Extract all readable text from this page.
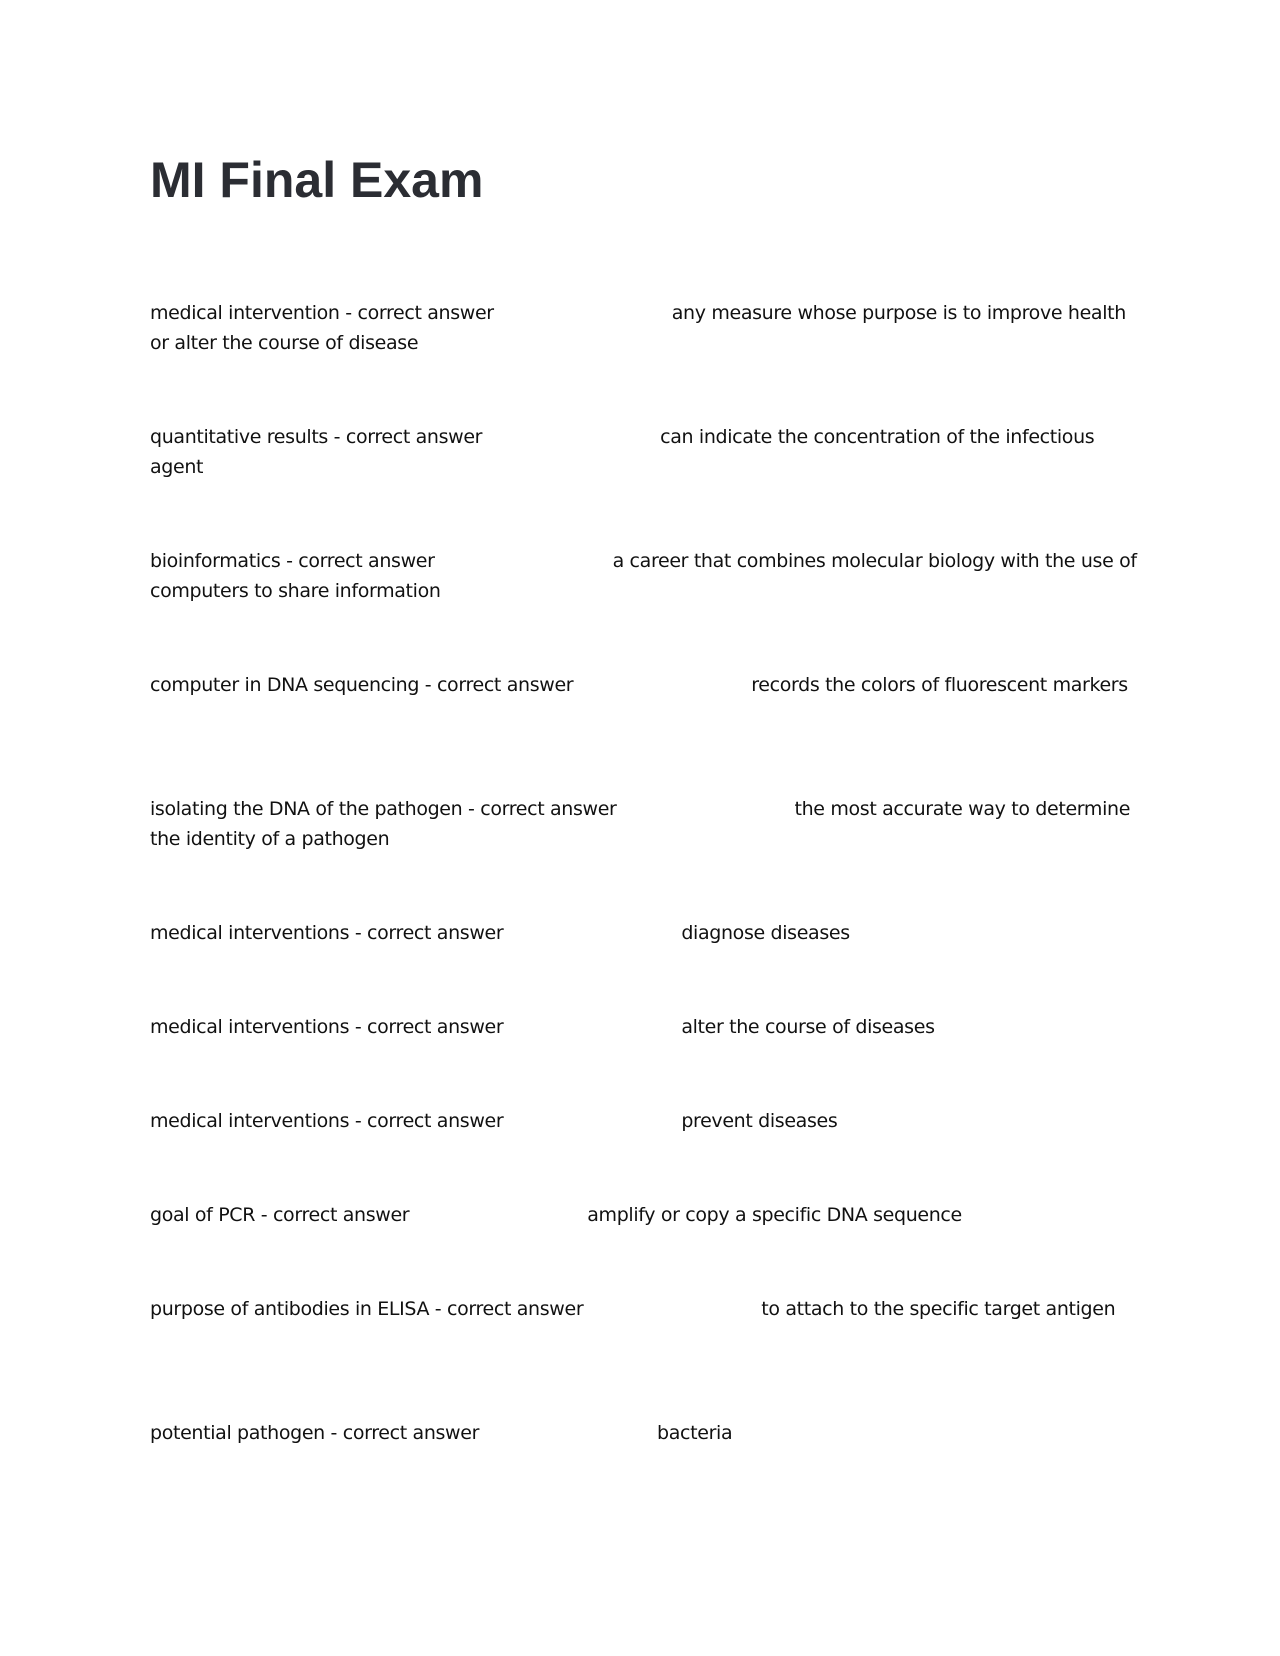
MI Final Exam
medical intervention - correct answer	any measure whose purpose is to improve health or alter the course of disease
quantitative results - correct answer	can indicate the concentration of the infectious agent
bioinformatics - correct answer	a career that combines molecular biology with the use of computers to share information
computer in DNA sequencing - correct answer	records the colors of fluorescent markers
isolating the DNA of the pathogen - correct answer	the most accurate way to determine the identity of a pathogen
medical interventions - correct answer	diagnose diseases
medical interventions - correct answer	alter the course of diseases
medical interventions - correct answer	prevent diseases
goal of PCR - correct answer	amplify or copy a specific DNA sequence
purpose of antibodies in ELISA - correct answer	to attach to the specific target antigen
potential pathogen - correct answer	bacteria
